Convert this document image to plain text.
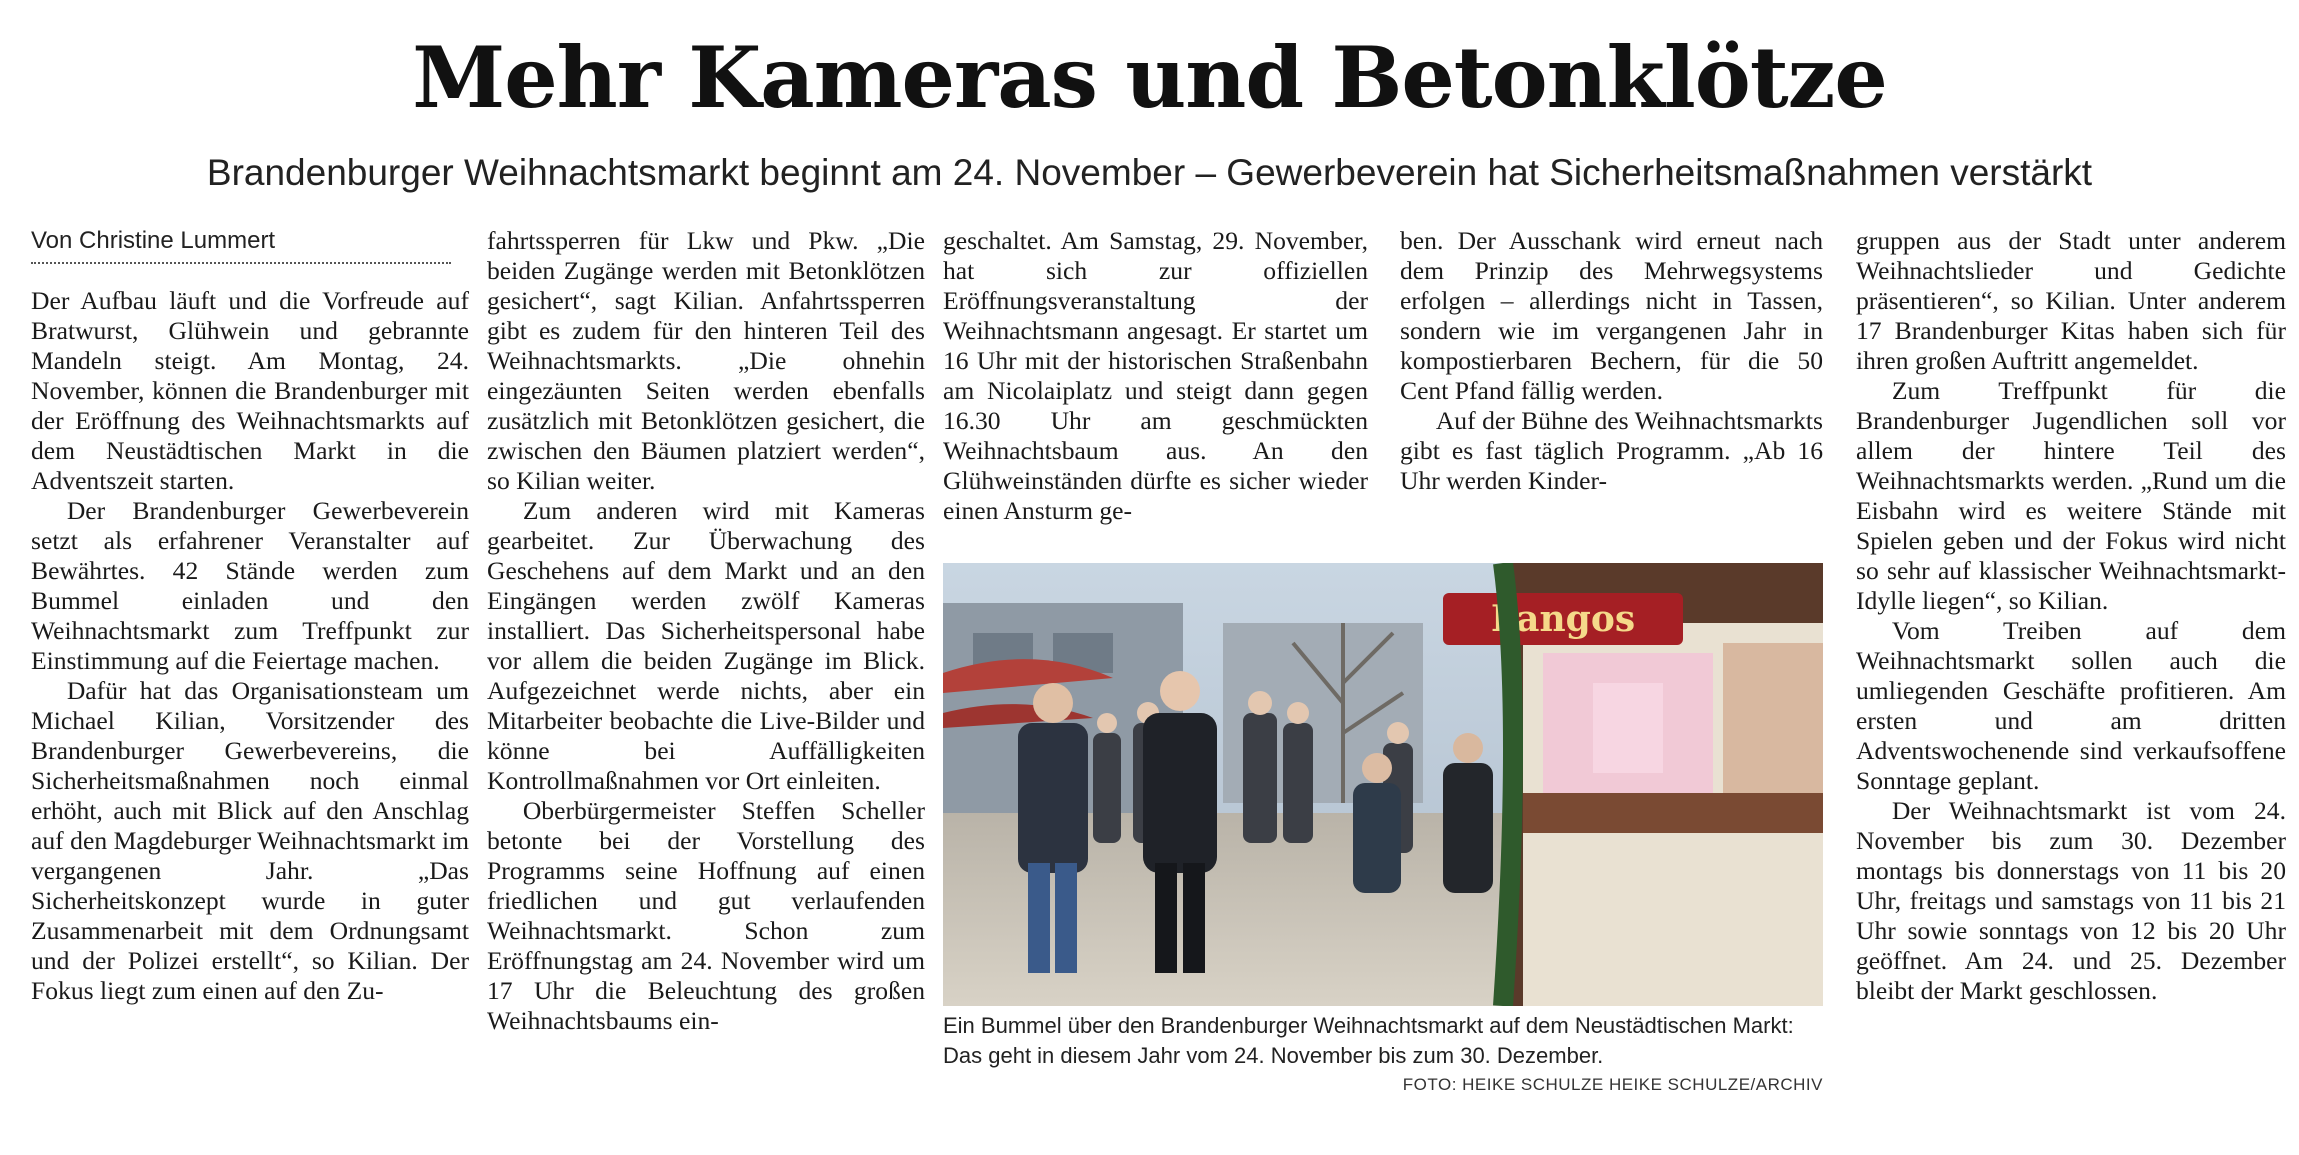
Mehr Kameras und Betonklötze
Brandenburger Weihnachtsmarkt beginnt am 24. November – Gewerbeverein hat Sicherheitsmaßnahmen verstärkt
Von Christine Lummert

Der Aufbau läuft und die Vorfreude auf Bratwurst, Glühwein und gebrannte Mandeln steigt. Am Montag, 24. November, können die Brandenburger mit der Eröffnung des Weihnachtsmarkts auf dem Neustädtischen Markt in die Adventszeit starten.

Der Brandenburger Gewerbeverein setzt als erfahrener Veranstalter auf Bewährtes. 42 Stände werden zum Bummel einladen und den Weihnachtsmarkt zum Treffpunkt zur Einstimmung auf die Feiertage machen.

Dafür hat das Organisationsteam um Michael Kilian, Vorsitzender des Brandenburger Gewerbevereins, die Sicherheitsmaßnahmen noch einmal erhöht, auch mit Blick auf den Anschlag auf den Magdeburger Weihnachtsmarkt im vergangenen Jahr. „Das Sicherheitskonzept wurde in guter Zusammenarbeit mit dem Ordnungsamt und der Polizei erstellt“, so Kilian. Der Fokus liegt zum einen auf den Zu-

fahrtssperren für Lkw und Pkw. „Die beiden Zugänge werden mit Betonklötzen gesichert“, sagt Kilian. Anfahrtssperren gibt es zudem für den hinteren Teil des Weihnachtsmarkts. „Die ohnehin eingezäunten Seiten werden ebenfalls zusätzlich mit Betonklötzen gesichert, die zwischen den Bäumen platziert werden“, so Kilian weiter.

Zum anderen wird mit Kameras gearbeitet. Zur Überwachung des Geschehens auf dem Markt und an den Eingängen werden zwölf Kameras installiert. Das Sicherheitspersonal habe vor allem die beiden Zugänge im Blick. Aufgezeichnet werde nichts, aber ein Mitarbeiter beobachte die Live-Bilder und könne bei Auffälligkeiten Kontrollmaßnahmen vor Ort einleiten.

Oberbürgermeister Steffen Scheller betonte bei der Vorstellung des Programms seine Hoffnung auf einen friedlichen und gut verlaufenden Weihnachtsmarkt. Schon zum Eröffnungstag am 24. November wird um 17 Uhr die Beleuchtung des großen Weihnachtsbaums ein-

geschaltet. Am Samstag, 29. November, hat sich zur offiziellen Eröffnungsveranstaltung der Weihnachtsmann angesagt. Er startet um 16 Uhr mit der historischen Straßenbahn am Nicolaiplatz und steigt dann gegen 16.30 Uhr am geschmückten Weihnachtsbaum aus. An den Glühweinständen dürfte es sicher wieder einen Ansturm ge-

ben. Der Ausschank wird erneut nach dem Prinzip des Mehrwegsystems erfolgen – allerdings nicht in Tassen, sondern wie im vergangenen Jahr in kompostierbaren Bechern, für die 50 Cent Pfand fällig werden.

Auf der Bühne des Weihnachtsmarkts gibt es fast täglich Programm. „Ab 16 Uhr werden Kinder-

gruppen aus der Stadt unter anderem Weihnachtslieder und Gedichte präsentieren“, so Kilian. Unter anderem 17 Brandenburger Kitas haben sich für ihren großen Auftritt angemeldet.

Zum Treffpunkt für die Brandenburger Jugendlichen soll vor allem der hintere Teil des Weihnachtsmarkts werden. „Rund um die Eisbahn wird es weitere Stände mit Spielen geben und der Fokus wird nicht so sehr auf klassischer Weihnachtsmarkt-Idylle liegen“, so Kilian.

Vom Treiben auf dem Weihnachtsmarkt sollen auch die umliegenden Geschäfte profitieren. Am ersten und am dritten Adventswochenende sind verkaufsoffene Sonntage geplant.

Der Weihnachtsmarkt ist vom 24. November bis zum 30. Dezember montags bis donnerstags von 11 bis 20 Uhr, freitags und samstags von 11 bis 21 Uhr sowie sonntags von 12 bis 20 Uhr geöffnet. Am 24. und 25. Dezember bleibt der Markt geschlossen.

Langos
Ein Bummel über den Brandenburger Weihnachtsmarkt auf dem Neustädtischen Markt: Das geht in diesem Jahr vom 24. November bis zum 30. Dezember.
FOTO: HEIKE SCHULZE HEIKE SCHULZE/ARCHIV
